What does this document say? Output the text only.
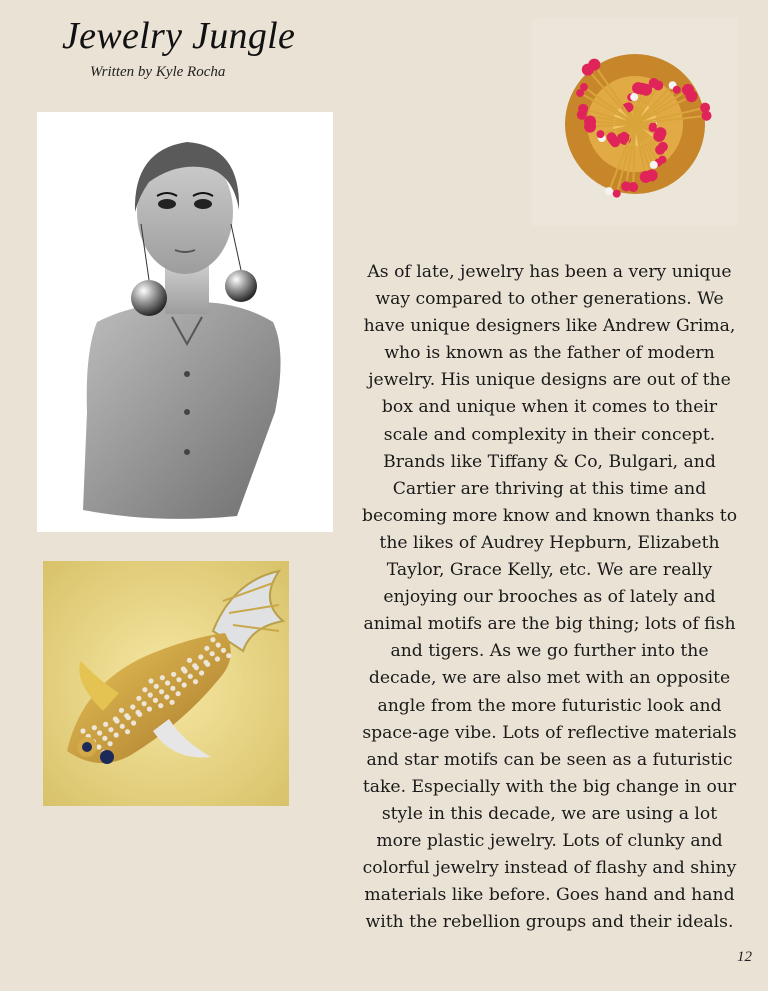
Jewelry Jungle
Written by Kyle Rocha

As of late, jewelry has been a very unique way compared to other generations. We have unique designers like Andrew Grima, who is known as the father of modern jewelry. His unique designs are out of the box and unique when it comes to their scale and complexity in their concept. Brands like Tiffany & Co, Bulgari, and Cartier are thriving at this time and becoming more know and known thanks to the likes of Audrey Hepburn, Elizabeth Taylor, Grace Kelly, etc. We are really enjoying our brooches as of lately and animal motifs are the big thing; lots of fish and tigers. As we go further into the decade, we are also met with an opposite angle from the more futuristic look and space-age vibe. Lots of reflective materials and star motifs can be seen as a futuristic take. Especially with the big change in our style in this decade, we are using a lot more plastic jewelry. Lots of clunky and colorful jewelry instead of flashy and shiny materials like before. Goes hand and hand with the rebellion groups and their ideals.

12
